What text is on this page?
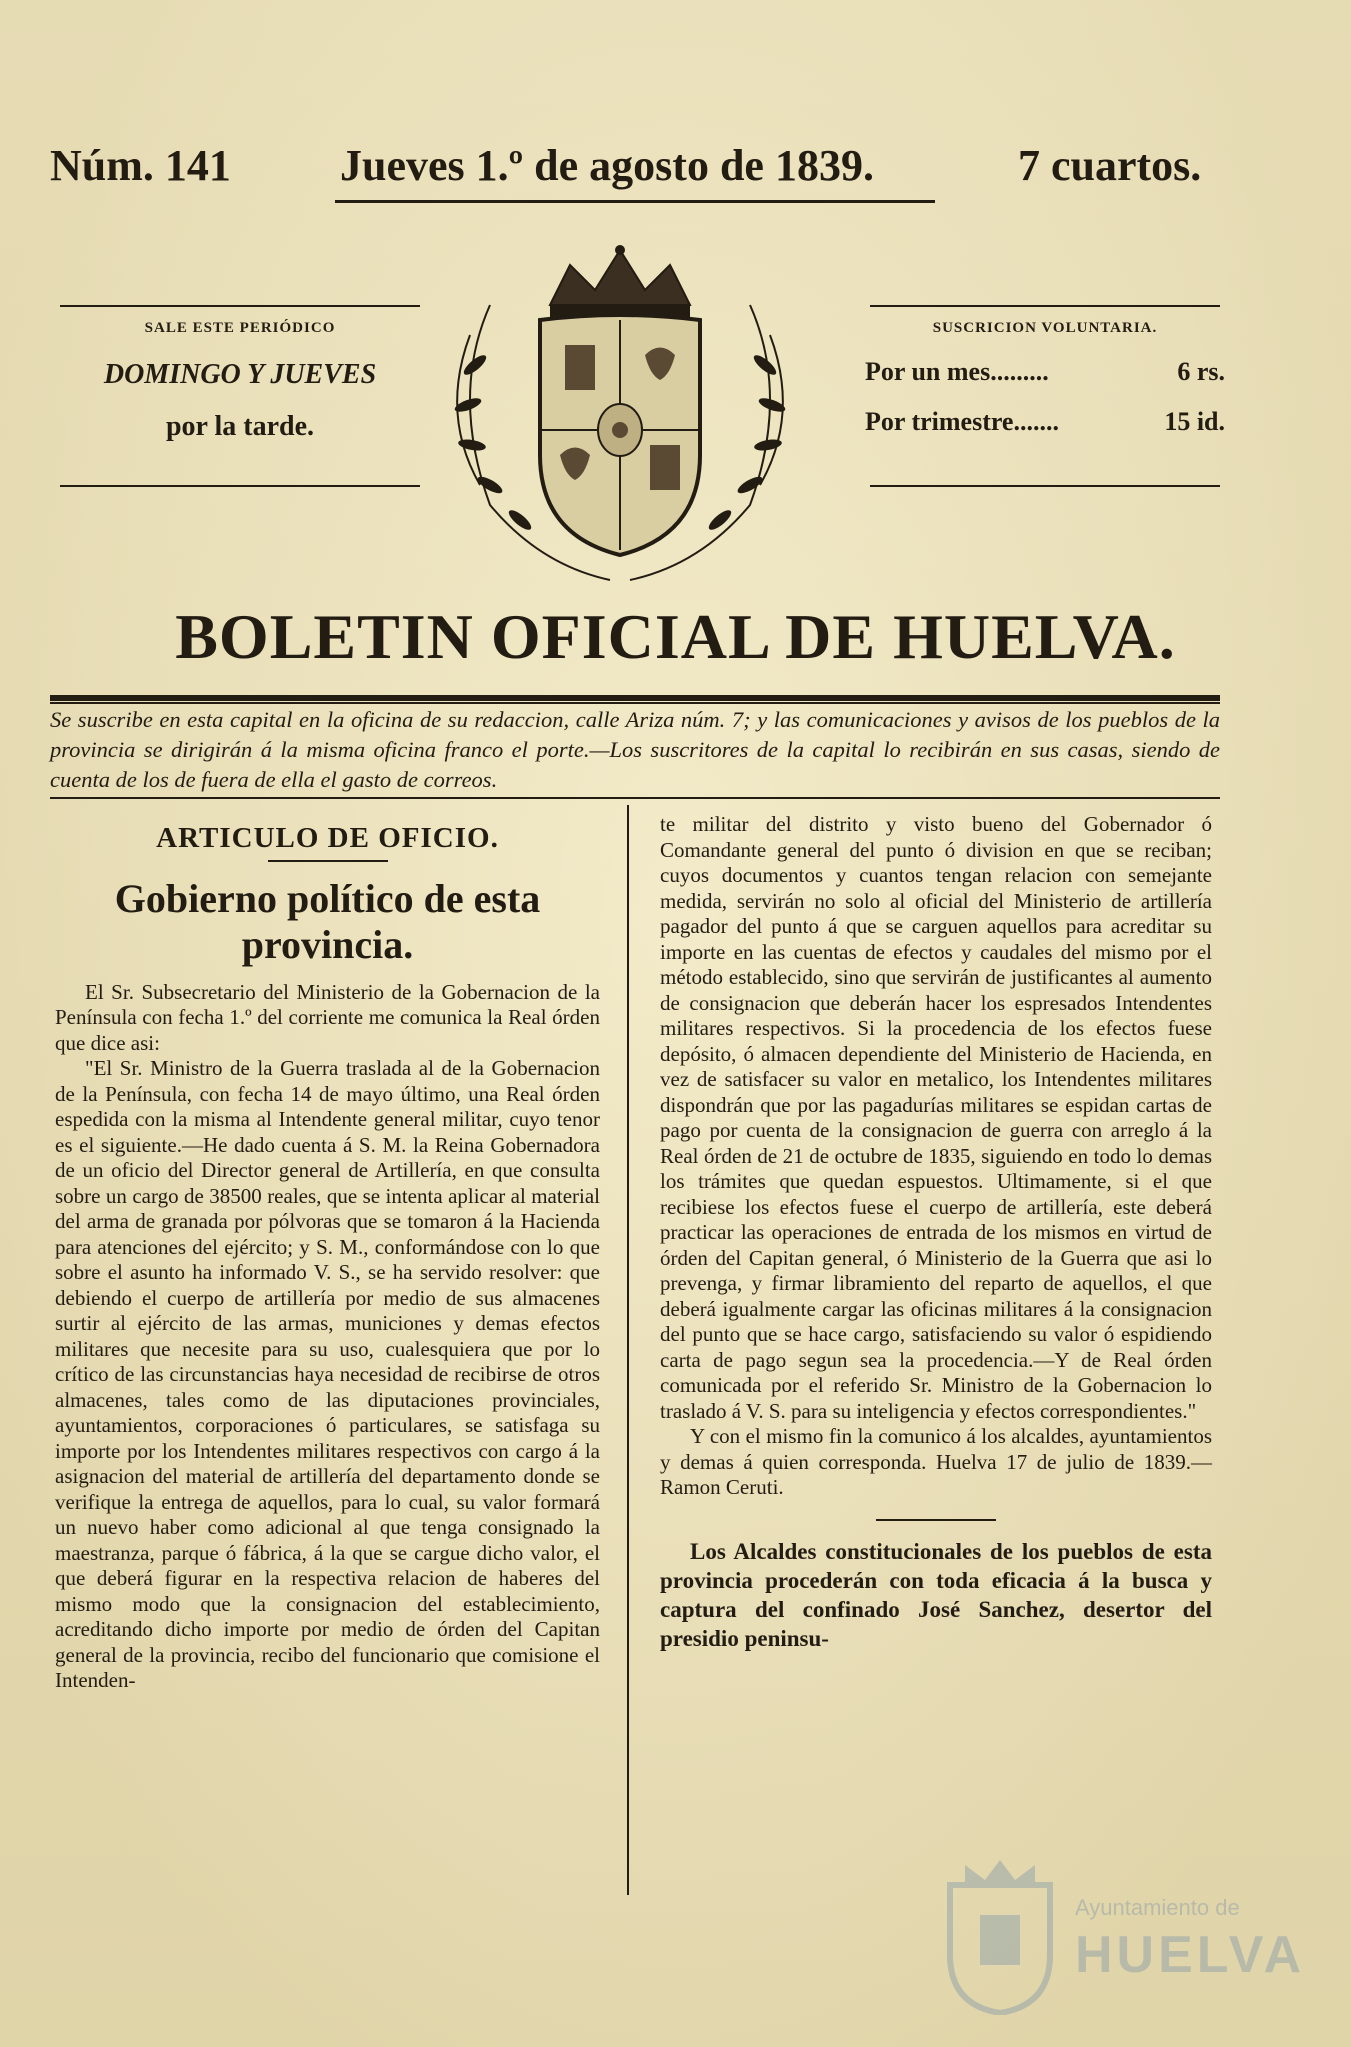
Núm. 141 Jueves 1.º de agosto de 1839.	7 cuartos.
SALE ESTE PERIÓDICO
DOMINGO Y JUEVES
por la tarde.
SUSCRICION VOLUNTARIA.
Por un mes.........	6 rs.
Por trimestre.......	15 id.
BOLETIN OFICIAL DE HUELVA.
Se suscribe en esta capital en la oficina de su redaccion, calle Ariza núm. 7; y las comunicaciones y avisos de los pueblos de la provincia se dirigirán á la misma oficina franco el porte.—Los suscritores de la capital lo recibirán en sus casas, siendo de cuenta de los de fuera de ella el gasto de correos.
ARTICULO DE OFICIO.
Gobierno político de esta provincia.

El Sr. Subsecretario del Ministerio de la Gobernacion de la Península con fecha 1.º del corriente me comunica la Real órden que dice asi:

"El Sr. Ministro de la Guerra traslada al de la Gobernacion de la Península, con fecha 14 de mayo último, una Real órden espedida con la misma al Intendente general militar, cuyo tenor es el siguiente.—He dado cuenta á S. M. la Reina Gobernadora de un oficio del Director general de Artillería, en que consulta sobre un cargo de 38500 reales, que se intenta aplicar al material del arma de granada por pólvoras que se tomaron á la Hacienda para atenciones del ejército; y S. M., conformándose con lo que sobre el asunto ha informado V. S., se ha servido resolver: que debiendo el cuerpo de artillería por medio de sus almacenes surtir al ejército de las armas, municiones y demas efectos militares que necesite para su uso, cualesquiera que por lo crítico de las circunstancias haya necesidad de recibirse de otros almacenes, tales como de las diputaciones provinciales, ayuntamientos, corporaciones ó particulares, se satisfaga su importe por los Intendentes militares respectivos con cargo á la asignacion del material de artillería del departamento donde se verifique la entrega de aquellos, para lo cual, su valor formará un nuevo haber como adicional al que tenga consignado la maestranza, parque ó fábrica, á la que se cargue dicho valor, el que deberá figurar en la respectiva relacion de haberes del mismo modo que la consignacion del establecimiento, acreditando dicho importe por medio de órden del Capitan general de la provincia, recibo del funcionario que comisione el Intenden-

te militar del distrito y visto bueno del Gobernador ó Comandante general del punto ó division en que se reciban; cuyos documentos y cuantos tengan relacion con semejante medida, servirán no solo al oficial del Ministerio de artillería pagador del punto á que se carguen aquellos para acreditar su importe en las cuentas de efectos y caudales del mismo por el método establecido, sino que servirán de justificantes al aumento de consignacion que deberán hacer los espresados Intendentes militares respectivos. Si la procedencia de los efectos fuese depósito, ó almacen dependiente del Ministerio de Hacienda, en vez de satisfacer su valor en metalico, los Intendentes militares dispondrán que por las pagadurías militares se espidan cartas de pago por cuenta de la consignacion de guerra con arreglo á la Real órden de 21 de octubre de 1835, siguiendo en todo lo demas los trámites que quedan espuestos. Ultimamente, si el que recibiese los efectos fuese el cuerpo de artillería, este deberá practicar las operaciones de entrada de los mismos en virtud de órden del Capitan general, ó Ministerio de la Guerra que asi lo prevenga, y firmar libramiento del reparto de aquellos, el que deberá igualmente cargar las oficinas militares á la consignacion del punto que se hace cargo, satisfaciendo su valor ó espidiendo carta de pago segun sea la procedencia.—Y de Real órden comunicada por el referido Sr. Ministro de la Gobernacion lo traslado á V. S. para su inteligencia y efectos correspondientes."

Y con el mismo fin la comunico á los alcaldes, ayuntamientos y demas á quien corresponda. Huelva 17 de julio de 1839.—Ramon Ceruti.

Los Alcaldes constitucionales de los pueblos de esta provincia procederán con toda eficacia á la busca y captura del confinado José Sanchez, desertor del presidio peninsu-

Ayuntamiento de
HUELVA
